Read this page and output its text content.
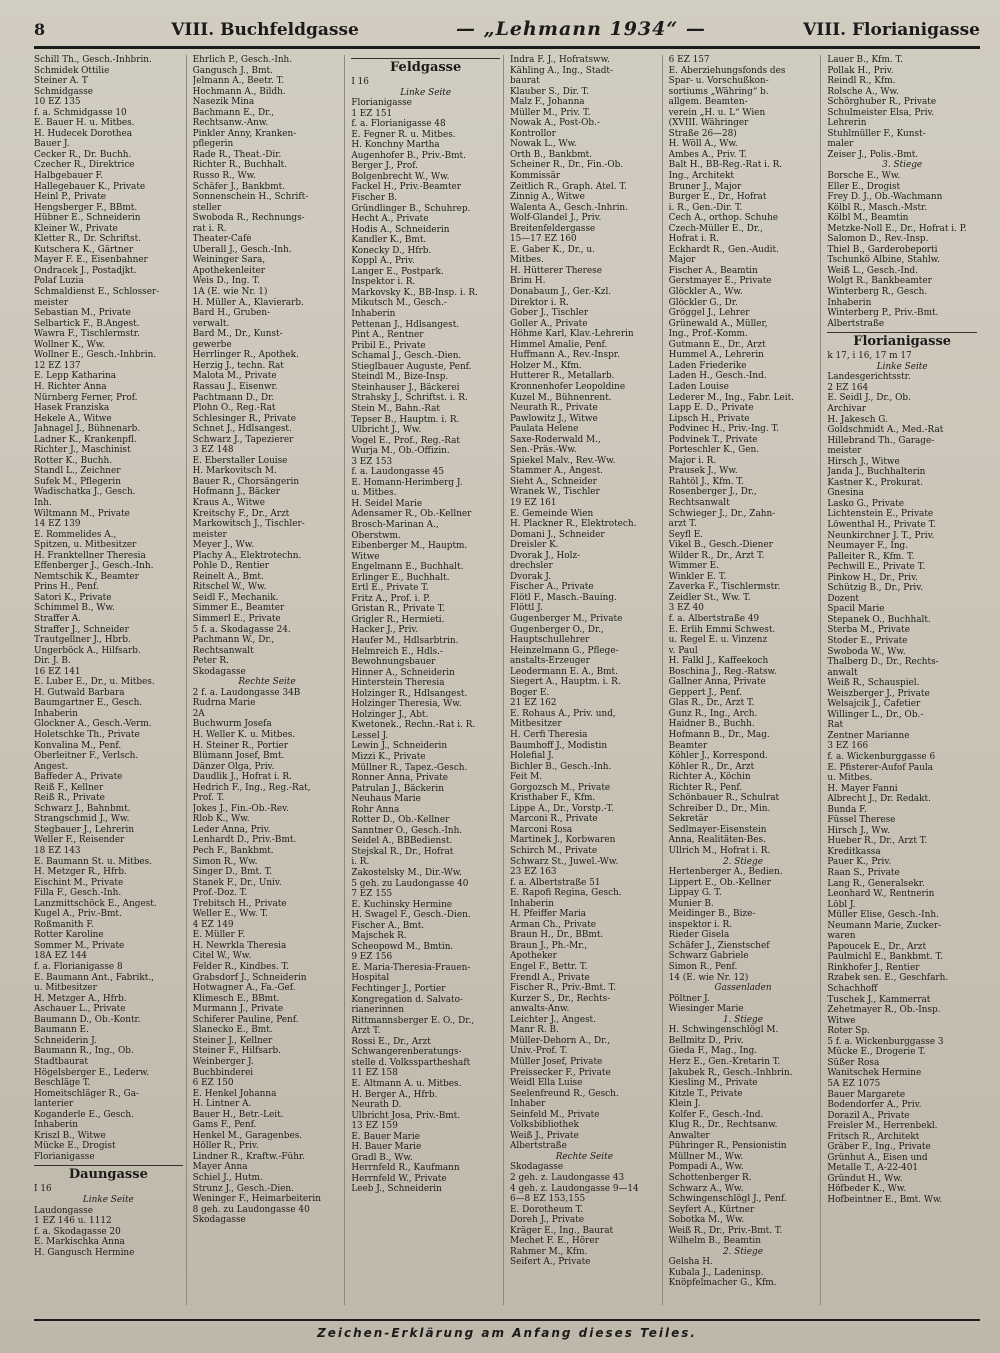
8	VIII. Buchfeldgasse	— „Lehmann 1934“ —	VIII. Florianigasse
Schill Th., Gesch.-Inhbrin.
Schmidek Ottilie
Steiner A. T
Schmidgasse
10 EZ 135
f. a. Schmidgasse 10
E. Bauer H. u. Mitbes.
H. Hudecek Dorothea
Bauer J.
Cecker R., Dr. Buchh.
Czecher R., Direktrice
Halbgebauer F.
Hallegebauer K., Private
Heinl P., Private
Hengsberger F., BBmt.
Hübner E., Schneiderin
Kleiner W., Private
Kletter R., Dr. Schriftst.
Kutschera K., Gärtner
Mayer F. E., Eisenbahner
Ondracek J., Postadjkt.
Polaf Luzia
Schmaldienst E., Schlosser-
meister
Sebastian M., Private
Selbartick F., B.Angest.
Wawra F., Tischlermstr.
Wollner K., Ww.
Wollner E., Gesch.-Inhbrin.
12 EZ 137
E. Lepp Katharina
H. Richter Anna
Nürnberg Ferner, Prof.
Hasek Franziska
Hekele A., Witwe
Jahnagel J., Bühnenarb.
Ladner K., Krankenpfl.
Richter J., Maschinist
Rotter K., Buchh.
Standl L., Zeichner
Sufek M., Pflegerin
Wadischatka J., Gesch.
Inh.
Wiltmann M., Private
14 EZ 139
E. Rommelides A.,
Spitzen, u. Mitbesitzer
H. Franktellner Theresia
Effenberger J., Gesch.-Inh.
Nemtschik K., Beamter
Prins H., Penf.
Satori K., Private
Schimmel B., Ww.
Straffer A.
Straffer J., Schneider
Trautgellner J., Hbrb.
Ungerböck A., Hilfsarb.
Dir. J. B.
16 EZ 141
E. Luber E., Dr., u. Mitbes.
H. Gutwald Barbara
Baumgartner E., Gesch.
Inhaberin
Glockner A., Gesch.-Verm.
Holetschke Th., Private
Konvalina M., Penf.
Oberleitner F., Verlsch.
Angest.
Baffeder A., Private
Reiß F., Kellner
Reiß R., Private
Schwarz J., Bahnbmt.
Strangschmid J., Ww.
Stegbauer J., Lehrerin
Weller F., Reisender
18 EZ 143
E. Baumann St. u. Mitbes.
H. Metzger R., Hfrb.
Eischint M., Private
Filla F., Gesch.-Inh.
Lanzmittschöck E., Angest.
Kugel A., Priv.-Bmt.
Roßmanith F.
Rotter Karoline
Sommer M., Private
18A EZ 144
f. a. Florianigasse 8
E. Baumann Ant., Fabrikt.,
u. Mitbesitzer
H. Metzger A., Hfrb.
Aschauer L., Private
Baumann D., Ob.-Kontr.
Baumann E.
Schneiderin J.
Baumann R., Ing., Ob.
Stadtbaurat
Högelsberger E., Lederw.
Beschläge T.
Homeitschläger R., Ga-
lanterier
Koganderle E., Gesch.
Inhaberin
Kriszl B., Witwe
Mücke E., Drogist
Florianigasse
Daungasse
I 16
Linke Seite
Laudongasse
1 EZ 146 u. 1112
f. a. Skodagasse 20
E. Markischka Anna
H. Gangusch Hermine
Ehrlich P., Gesch.-Inh.
Gangusch J., Bmt.
Jelmann A., Beetr. T.
Hochmann A., Bildh.
Nasezik Mina
Bachmann E., Dr.,
Rechtsanw.-Anw.
Pinkler Anny, Kranken-
pflegerin
Rade R., Theat.-Dir.
Richter R., Buchhalt.
Russo R., Ww.
Schäfer J., Bankbmt.
Sonnenschein H., Schrift-
steller
Swoboda R., Rechnungs-
rat i. R.
Theater-Café
Überall J., Gesch.-Inh.
Weininger Sara,
Apothekenleiter
Weis D., Ing. T.
1A (E. wie Nr. 1)
H. Müller A., Klavierarb.
Bard H., Gruben-
verwalt.
Bard M., Dr., Kunst-
gewerbe
Herrlinger R., Apothek.
Herzig J., techn. Rat
Malota M., Private
Rassau J., Eisenwr.
Pachtmann D., Dr.
Plohn O., Reg.-Rat
Schlesinger R., Private
Schnet J., Hdlsangest.
Schwarz J., Tapezierer
3 EZ 148
E. Eberstaller Louise
H. Markovitsch M.
Bauer R., Chorsängerin
Hofmann J., Bäcker
Kraus A., Witwe
Kreitschy F., Dr., Arzt
Markowitsch J., Tischler-
meister
Meyer J., Ww.
Plachy A., Elektrotechn.
Pohle D., Rentier
Reinelt A., Bmt.
Ritschel W., Ww.
Seidl F., Mechanik.
Simmer E., Beamter
Simmerl E., Private
5 f. a. Skodagasse 24.
Pachmann W., Dr.,
Rechtsanwalt
Peter R.
Skodagasse
Rechte Seite
2 f. a. Laudongasse 34B
Rudrna Marie
2A
Buchwurm Josefa
H. Weller K. u. Mitbes.
H. Steiner R., Portier
Blümann Josef, Bmt.
Dänzer Olga, Priv.
Daudlik J., Hofrat i. R.
Hedrich F., Ing., Reg.-Rat,
Prof. T.
Jokes J., Fin.-Ob.-Rev.
Rlob K., Ww.
Leder Anna, Priv.
Lenhardt D., Priv.-Bmt.
Pech F., Bankbmt.
Simon R., Ww.
Singer D., Bmt. T.
Stanek F., Dr., Univ.
Prof.-Doz. T.
Trebitsch H., Private
Weller E., Ww. T.
4 EZ 149
E. Müller F.
H. Newrkla Theresia
Citel W., Ww.
Felder R., Kindbes. T.
Grabsdorf J., Schneiderin
Hotwagner A., Fa.-Gef.
Klimesch E., BBmt.
Murmann J., Private
Schiferer Pauline, Penf.
Slanecko E., Bmt.
Steiner J., Kellner
Steiner F., Hilfsarb.
Weinberger J.
Buchbinderei
6 EZ 150
E. Henkel Johanna
H. Lintner A.
Bauer H., Betr.-Leit.
Gams F., Penf.
Henkel M., Garagenbes.
Höller R., Priv.
Lindner R., Kraftw.-Führ.
Mayer Anna
Schiel J., Hutm.
Strunz J., Gesch.-Dien.
Weninger F., Heimarbeiterin
8 geh. zu Laudongasse 40
Skodagasse
Feldgasse
I 16
Linke Seite
Florianigasse
1 EZ 151
f. a. Florianigasse 48
E. Fegner R. u. Mitbes.
H. Konchny Martha
Augenhofer B., Priv.-Bmt.
Berger J., Prof.
Bolgenbrecht W., Ww.
Fackel H., Priv.-Beamter
Fischer B.
Gründlinger B., Schuhrep.
Hecht A., Private
Hodis A., Schneiderin
Kandler K., Bmt.
Konecky D., Hfrb.
Koppl A., Priv.
Langer E., Postpark.
Inspektor i. R.
Markovsky K., BB-Insp. i. R.
Mikutsch M., Gesch.-
Inhaberin
Pettenan J., Hdlsangest.
Pint A., Rentner
Pribil E., Private
Schamal J., Gesch.-Dien.
Stieglbauer Auguste, Penf.
Steindl M., Bize-Insp.
Steinhauser J., Bäckerei
Strahsky J., Schriftst. i. R.
Stein M., Bahn.-Rat
Tepser B., Hauptm. i. R.
Ulbricht J., Ww.
Vogel E., Prof., Reg.-Rat
Wurja M., Ob.-Offizin.
3 EZ 153
f. a. Laudongasse 45
E. Homann-Herimberg J.
u. Mitbes.
H. Seidel Marie
Adensamer R., Ob.-Kellner
Brosch-Marinan A.,
Oberstwm.
Eibenberger M., Hauptm.
Witwe
Engelmann E., Buchhalt.
Erlinger E., Buchhalt.
Ertl E., Private T.
Fritz A., Prof. i. P.
Gristan R., Private T.
Grigler R., Hermieti.
Hacker J., Priv.
Haufer M., Hdlsarbtrin.
Helmreich E., Hdls.-
Bewohnungsbauer
Hinner A., Schneiderin
Hinterstein Theresia
Holzinger R., Hdlsangest.
Holzinger Theresia, Ww.
Holzinger J., Abt.
Kwetonek., Rechn.-Rat i. R.
Lessel J.
Lewin J., Schneiderin
Mizzi K., Private
Müllner R., Tapez.-Gesch.
Ronner Anna, Private
Patrulan J., Bäckerin
Neuhaus Marie
Rohr Anna
Rotter D., Ob.-Kellner
Sanntner O., Gesch.-Inh.
Seidel A., BBBedienst.
Stejskal R., Dr., Hofrat
i. R.
Zakostelsky M., Dir.-Ww.
5 geh. zu Laudongasse 40
7 EZ 155
E. Kuchinsky Hermine
H. Swagel F., Gesch.-Dien.
Fischer A., Bmt.
Majschek R.
Scheopowd M., Bmtin.
9 EZ 156
E. Maria-Theresia-Frauen-
Hospital
Fechtinger J., Portier
Kongregation d. Salvato-
rianerinnen
Rittmannsberger E. O., Dr.,
Arzt T.
Rossi E., Dr., Arzt
Schwangerenberatungs-
stelle d. Volksspartheshaft
11 EZ 158
E. Altmann A. u. Mitbes.
H. Berger A., Hfrb.
Neurath D.
Ulbricht Josa, Priv.-Bmt.
13 EZ 159
E. Bauer Marie
H. Bauer Marie
Gradl B., Ww.
Herrnfeld R., Kaufmann
Herrnfeld W., Private
Leeb J., Schneiderin
Indra F. J., Hofratsww.
Kähling A., Ing., Stadt-
baurat
Klauber S., Dir. T.
Malz F., Johanna
Müller M., Priv. T.
Nowak A., Post-Ob.-
Kontrollor
Nowak L., Ww.
Orth B., Bankbmt.
Scheiner R., Dr., Fin.-Ob.
Kommissär
Zeitlich R., Graph. Atel. T.
Zinnig A., Witwe
Walenta A., Gesch.-Inhrin.
Wolf-Glandel J., Priv.
Breitenfeldergasse
15—17 EZ 160
E. Gaber K., Dr., u.
Mitbes.
H. Hütterer Therese
Brim H.
Donabaum J., Ger.-Kzl.
Direktor i. R.
Gober J., Tischler
Goller A., Private
Höhme Karl, Klav.-Lehrerin
Himmel Amalie, Penf.
Huffmann A., Rev.-Inspr.
Holzer M., Kfm.
Hutterer R., Metallarb.
Kronnenhofer Leopoldine
Kuzel M., Bühnenrent.
Neurath R., Private
Pawlowitz J., Witwe
Paulata Helene
Saxe-Roderwald M.,
Sen.-Präs.-Ww.
Spiekel Malv., Rev.-Ww.
Stammer A., Angest.
Sieht A., Schneider
Wranek W., Tischler
19 EZ 161
E. Gemeinde Wien
H. Plackner R., Elektrotech.
Domani J., Schneider
Dreisler K.
Dvorak J., Holz-
drechsler
Dvorak J.
Fischer A., Private
Flötl F., Masch.-Bauing.
Flöttl J.
Gugenberger M., Private
Gugenberger O., Dr.,
Hauptschullehrer
Heinzelmann G., Pflege-
anstalts-Erzeuger
Leodermann E. A., Bmt.
Siegert A., Hauptm. i. R.
Boger E.
21 EZ 162
E. Rohaus A., Priv. und,
Mitbesitzer
H. Cerfi Theresia
Baumhoff J., Modistin
Holefial J.
Bichler B., Gesch.-Inh.
Feit M.
Gorgozsch M., Private
Kristhaber F., Kfm.
Lippe A., Dr., Vorstp.-T.
Marconi R., Private
Marconi Rosa
Martinek J., Korbwaren
Schirch M., Private
Schwarz St., Juwel.-Ww.
23 EZ 163
f. a. Albertstraße 51
E. Rapofi Regina, Gesch.
Inhaberin
H. Pfeiffer Maria
Arman Ch., Private
Braun H., Dr., BBmt.
Braun J., Ph.-Mr.,
Apotheker
Engel F., Bettr. T.
Frendl A., Private
Fischer R., Priv.-Bmt. T.
Kurzer S., Dr., Rechts-
anwalts-Anw.
Leichter J., Angest.
Manr R. B.
Müller-Dehorn A., Dr.,
Univ.-Prof. T.
Müller Josef, Private
Preissecker F., Private
Weidl Ella Luise
Seelenfreund R., Gesch.
Inhaber
Seinfeld M., Private
Volksbibliothek
Weiß J., Private
Albertstraße
Rechte Seite
Skodagasse
2 geh. z. Laudongasse 43
4 geh. z. Laudongasse 9—14
6—8 EZ 153,155
E. Dorotheum T.
Doreh J., Private
Kräger E., Ing., Baurat
Mechet F. E., Hörer
Rahmer M., Kfm.
Seifert A., Private
6 EZ 157
E. Aberziehungsfonds des
Spar- u. Vorschußkon-
sortiums „Währing“ b.
allgem. Beamten-
verein „H. u. L“ Wien
(XVIII. Währinger
Straße 26—28)
H. Wöll A., Ww.
Ambes A., Priv. T.
Balt H., BB-Reg.-Rat i. R.
Ing., Architekt
Bruner J., Major
Burger E., Dr., Hofrat
i. R., Gen.-Dir. T.
Cech A., orthop. Schuhe
Czech-Müller E., Dr.,
Hofrat i. R.
Eckhardt R., Gen.-Audit.
Major
Fischer A., Beamtin
Gerstmayer E., Private
Glöckler A., Ww.
Glöckler G., Dr.
Gröggel J., Lehrer
Grünewald A., Müller,
Ing., Prof.-Komm.
Gutmann E., Dr., Arzt
Hummel A., Lehrerin
Laden Friederike
Laden H., Gesch.-Ind.
Laden Louise
Lederer M., Ing., Fabr. Leit.
Lapp E. D., Private
Lipsch H., Private
Podvinec H., Priv.-Ing. T.
Podvinek T., Private
Porteschler K., Gen.
Major i. R.
Prausek J., Ww.
Rahtöl J., Kfm. T.
Rosenberger J., Dr.,
Rechtsanwalt
Schwieger J., Dr., Zahn-
arzt T.
Seyfl E.
Vikel B., Gesch.-Diener
Wilder R., Dr., Arzt T.
Wimmer E.
Winkler E. T.
Zaverka F., Tischlermstr.
Zeidler St., Ww. T.
3 EZ 40
f. a. Albertstraße 49
E. Erlih Emmi Schwest.
u. Regel E. u. Vinzenz
v. Paul
H. Falkl J., Kaffeekoch
Boschina J., Reg.-Ratsw.
Gallner Anna, Private
Geppert J., Penf.
Glas R., Dr., Arzt T.
Gunz R., Ing., Arch.
Haidner B., Buchh.
Hofmann B., Dr., Mag.
Beamter
Köhler J., Korrespond.
Köhler R., Dr., Arzt
Richter A., Köchin
Richter R., Penf.
Schönbauer R., Schulrat
Schreiber D., Dr., Min.
Sekretär
Sedlmayer-Eisenstein
Anna, Realitäten-Bes.
Ullrich M., Hofrat i. R.
2. Stiege
Hertenberger A., Bedien.
Lippert E., Ob.-Kellner
Lippay G. T.
Munier B.
Meidinger B., Bize-
inspektor i. R.
Rieder Gisela
Schäfer J., Zienstschef
Schwarz Gabriele
Simon R., Penf.
14 (E. wie Nr. 12)
Gassenladen
Pöltner J.
Wiesinger Marie
1. Stiege
H. Schwingenschlögl M.
Bellmitz D., Priv.
Gieda F., Mag., Ing.
Herz E., Gen.-Kretarin T.
Jakubek R., Gesch.-Inhbrin.
Kiesling M., Private
Kitzle T., Private
Klein J.
Kolfer F., Gesch.-Ind.
Klug R., Dr., Rechtsanw.
Anwalter
Pühringer R., Pensionistin
Müllner M., Ww.
Pompadi A., Ww.
Schottenberger R.
Schwarz A., Ww.
Schwingenschlögl J., Penf.
Seyfert A., Kürtner
Sobotka M., Ww.
Weiß R., Dr., Priv.-Bmt. T.
Wilhelm B., Beamtin
2. Stiege
Gelsha H.
Kubala J., Ladeninsp.
Knöpfelmacher G., Kfm.
Lauer B., Kfm. T.
Pollak H., Priv.
Reindl R., Kfm.
Rolsche A., Ww.
Schörghuber R., Private
Schulmeister Elsa, Priv.
Lehrerin
Stuhlmüller F., Kunst-
maler
Zeiser J., Polis.-Bmt.
3. Stiege
Borsche E., Ww.
Eller E., Drogist
Frey D. J., Ob.-Wachmann
Kölbl R., Masch.-Mstr.
Kölbl M., Beamtin
Metzke-Noll E., Dr., Hofrat i. P.
Salomon D., Rev.-Insp.
Thiel B., Garderobeporti
Tschunkö Albine, Stahlw.
Weiß L., Gesch.-Ind.
Wolgt R., Bankbeamter
Winterberg R., Gesch.
Inhaberin
Winterberg P., Priv.-Bmt.
Albertstraße
Florianigasse
k 17, i 16, 17 m 17
Linke Seite
Landesgerichtsstr.
2 EZ 164
E. Seidl J., Dr., Ob.
Archivar
H. Jakesch G.
Goldschmidt A., Med.-Rat
Hillebrand Th., Garage-
meister
Hirsch J., Witwe
Janda J., Buchhalterin
Kastner K., Prokurat.
Gnesina
Lasko G., Private
Lichtenstein E., Private
Löwenthal H., Private T.
Neunkirchner J. T., Priv.
Neumayer F., Ing.
Palleiter R., Kfm. T.
Pechwill E., Private T.
Pinkow H., Dr., Priv.
Schützig B., Dr., Priv.
Dozent
Spacil Marie
Stepanek O., Buchhalt.
Sterba M., Private
Stoder E., Private
Swoboda W., Ww.
Thalberg D., Dr., Rechts-
anwalt
Weiß R., Schauspiel.
Weiszberger J., Private
Welsajcik J., Cafetier
Willinger L., Dr., Ob.-
Rat
Zentner Marianne
3 EZ 166
f. a. Wickenburggasse 6
E. Pfisterer-Aufof Paula
u. Mitbes.
H. Mayer Fanni
Albrecht J., Dr. Redakt.
Bunda F.
Füssel Therese
Hirsch J., Ww.
Hueber R., Dr., Arzt T.
Kreditkassa
Pauer K., Priv.
Raan S., Private
Lang R., Generalsekr.
Leonhard W., Rentnerin
Löbl J.
Müller Elise, Gesch.-Inh.
Neumann Marie, Zucker-
waren
Papoucek E., Dr., Arzt
Paulmichl E., Bankbmt. T.
Rinkhofer J., Rentier
Rzabek sen. E., Geschfarh.
Schachhoff
Tuschek J., Kammerrat
Zehetmayer R., Ob.-Insp.
Witwe
Roter Sp.
5 f. a. Wickenburggasse 3
Mücke E., Drogerie T.
Süßer Rosa
Wanitschek Hermine
5A EZ 1075
Bauer Margarete
Bodendorfer A., Priv.
Dorazil A., Private
Freisler M., Herrenbekl.
Fritsch R., Architekt
Gräber F., Ing., Private
Grünhut A., Eisen und
Metalle T., A-22-401
Gründut H., Ww.
Höfbeder K., Ww.
Hofbeintner E., Bmt. Ww.
Zeichen-Erklärung am Anfang dieses Teiles.
